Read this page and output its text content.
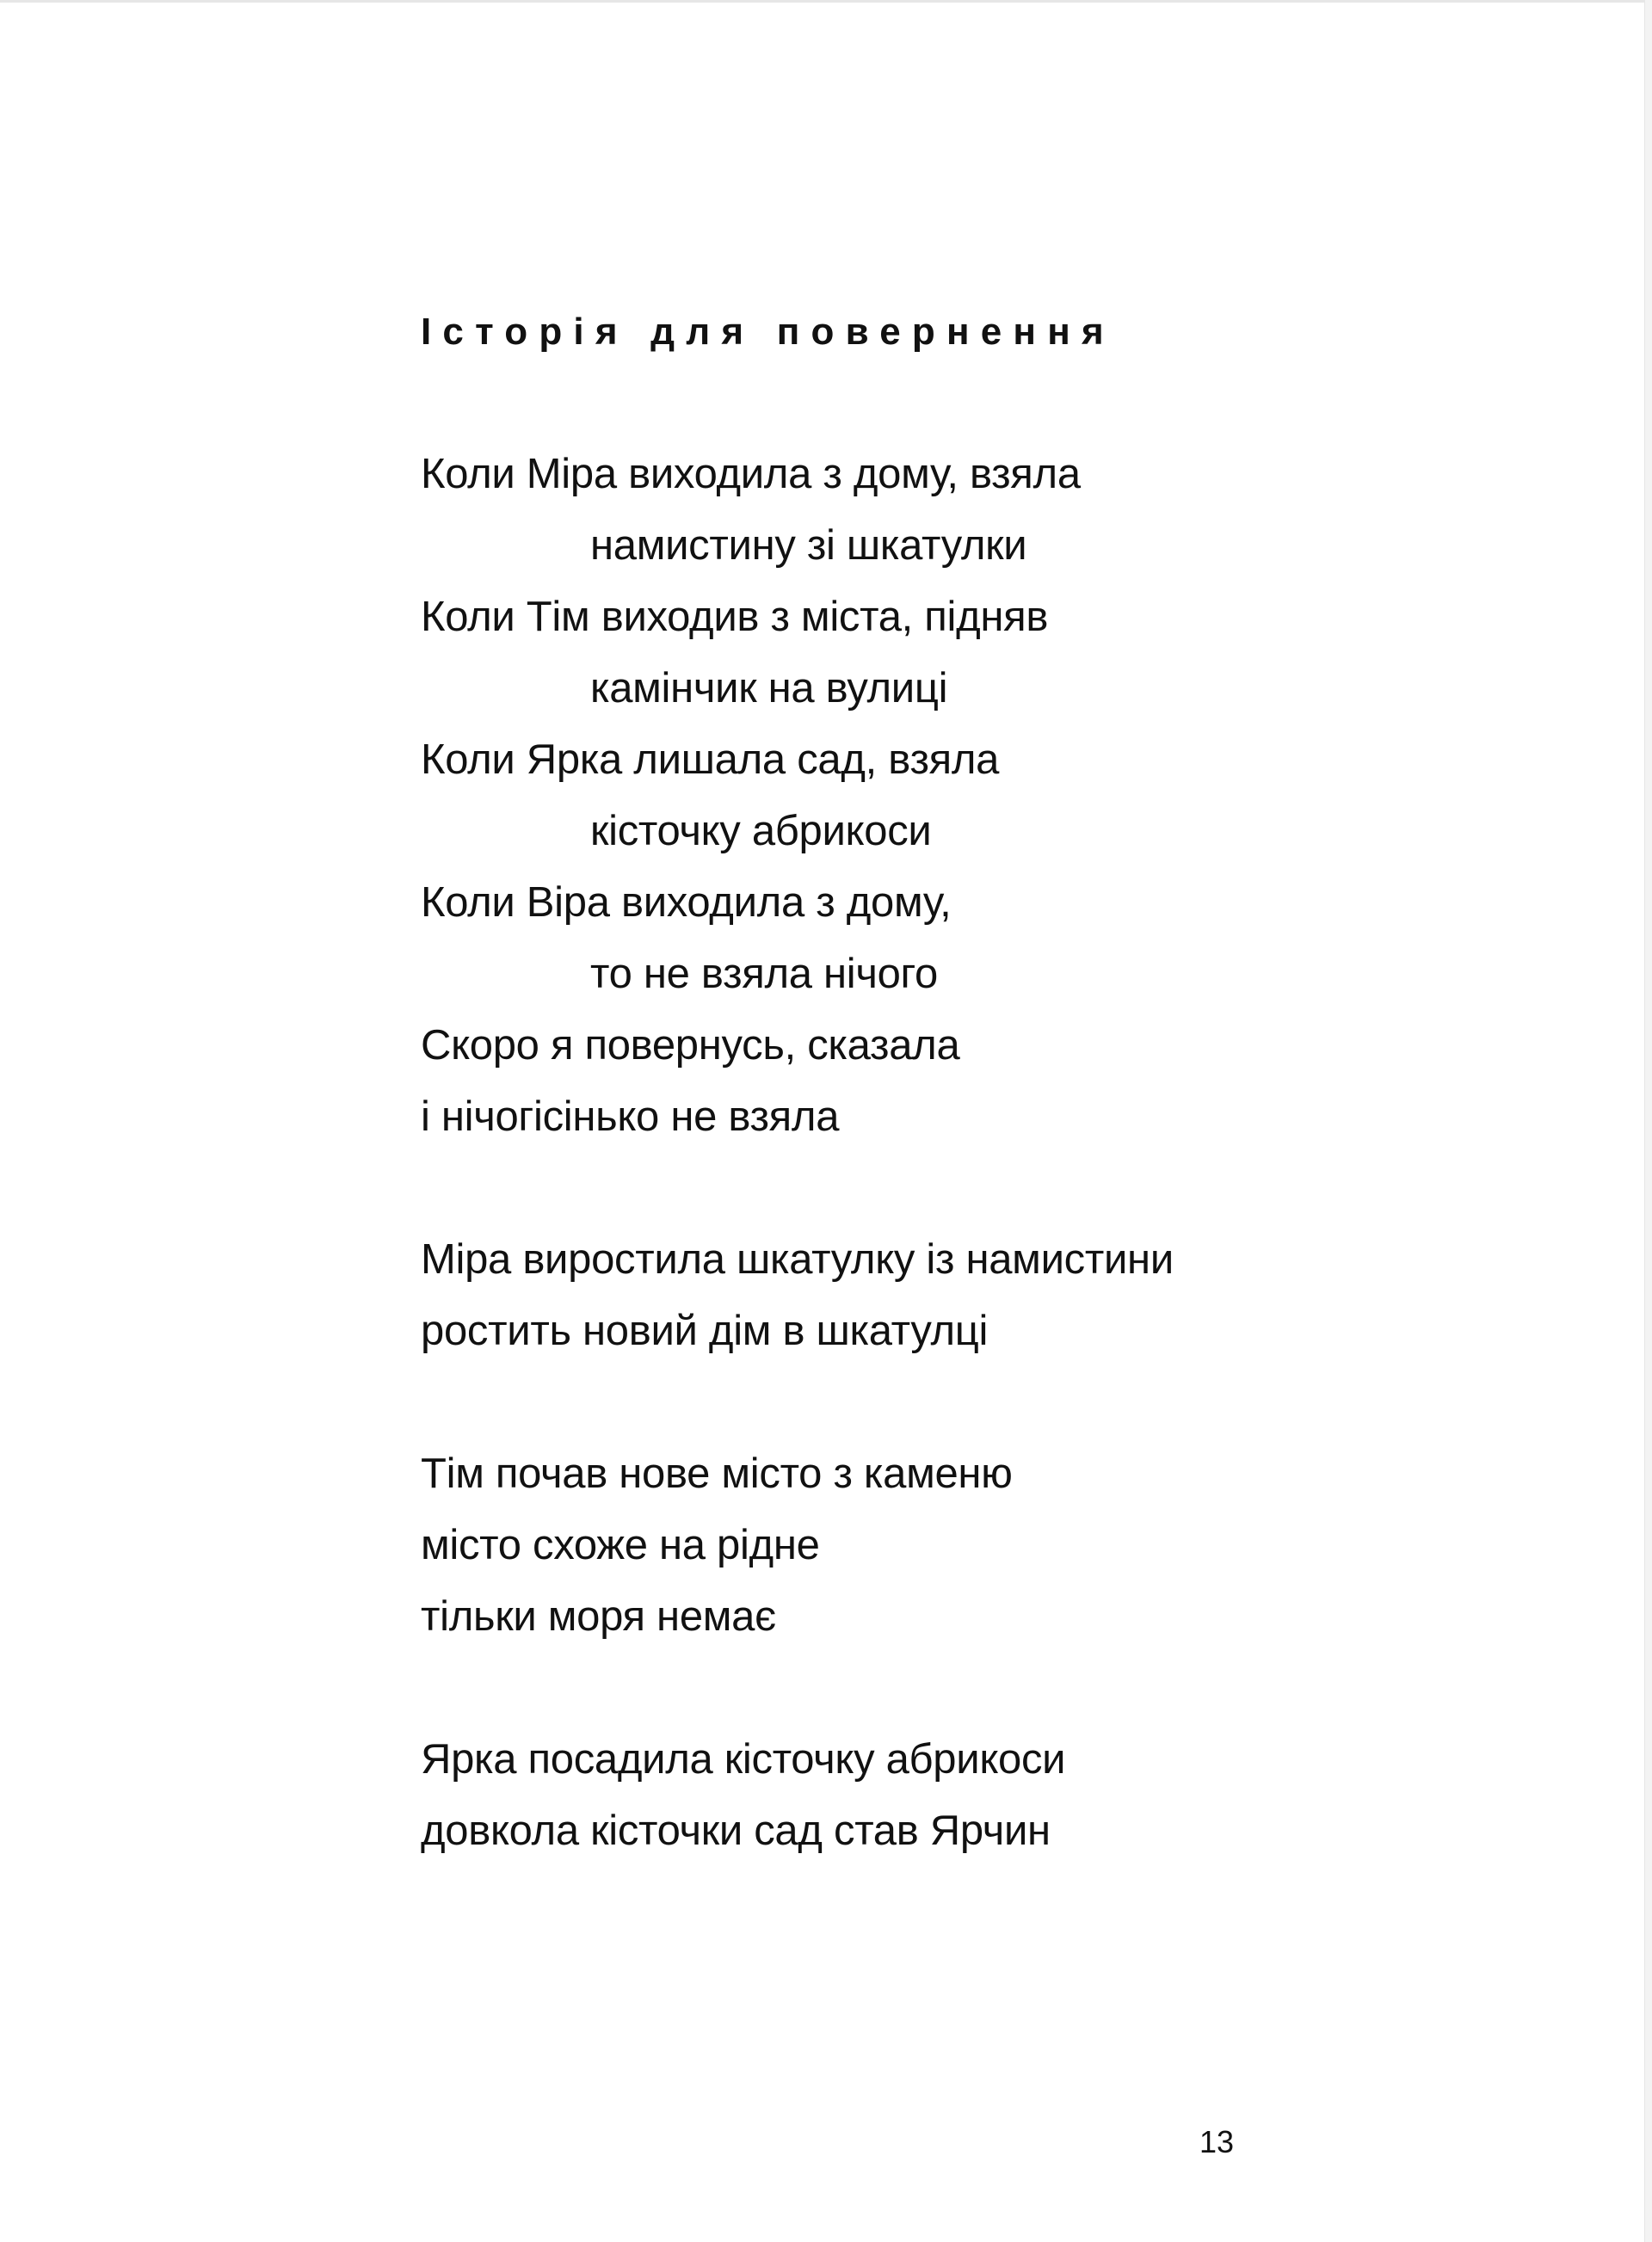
Історія для повернення
Коли Міра виходила з дому, взяла
намистину зі шкатулки
Коли Тім виходив з міста, підняв
камінчик на вулиці
Коли Ярка лишала сад, взяла
кісточку абрикоси
Коли Віра виходила з дому,
то не взяла нічого
Скоро я повернусь, сказала
і нічогісінько не взяла
Міра виростила шкатулку із намистини
ростить новий дім в шкатулці
Тім почав нове місто з каменю
місто схоже на рідне
тільки моря немає
Ярка посадила кісточку абрикоси
довкола кісточки сад став Ярчин
13
